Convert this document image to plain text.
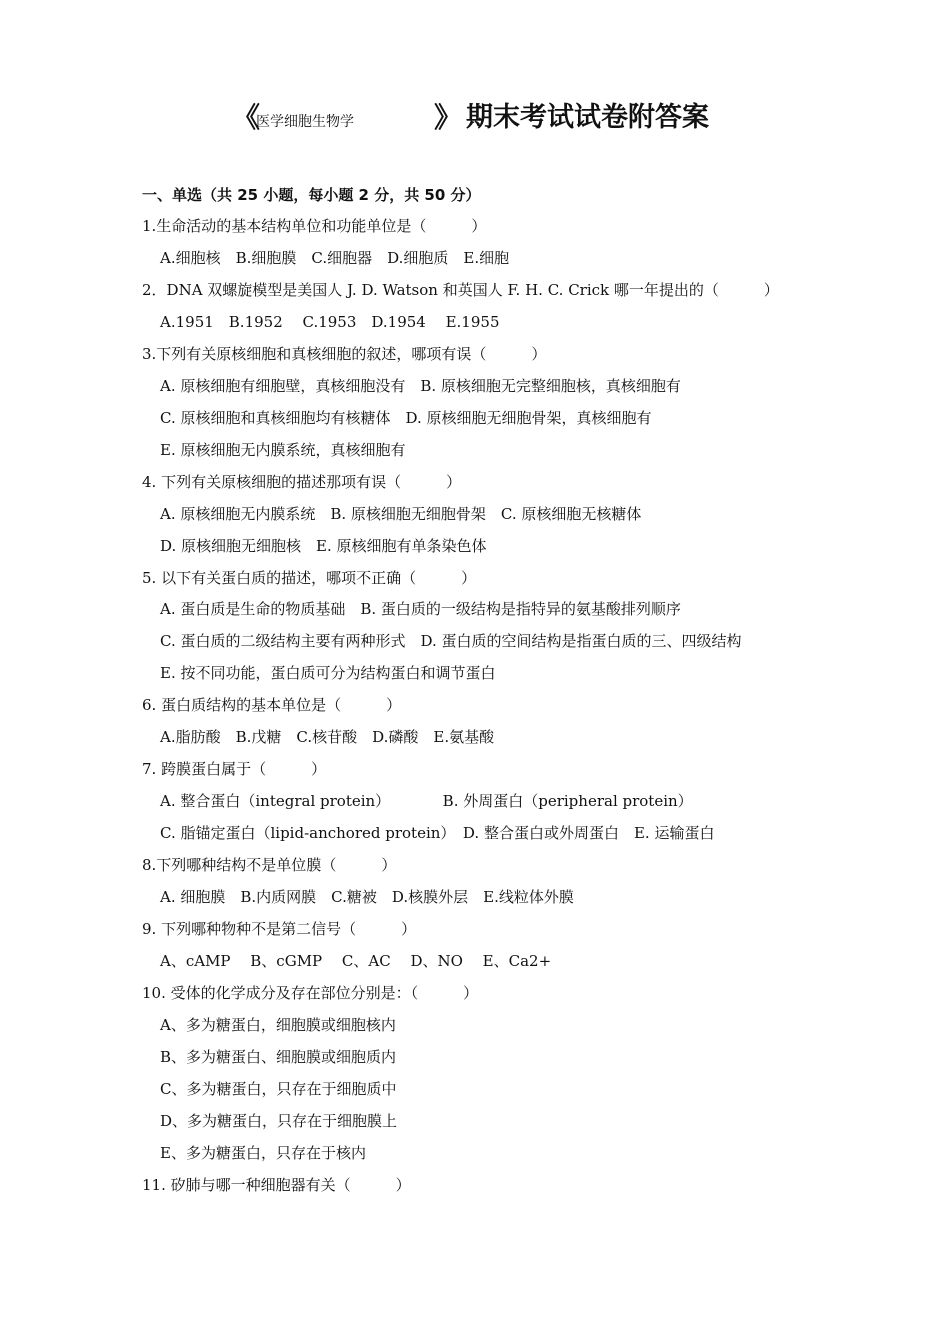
《
医学细胞生物学	》 期末考试试卷附答案
一、单选（共 25 小题，每小题 2 分，共 50 分）
1.生命活动的基本结构单位和功能单位是（　　　）
A.细胞核　B.细胞膜　C.细胞器　D.细胞质　E.细胞
2．DNA 双螺旋模型是美国人 J. D. Watson 和英国人 F. H. C. Crick 哪一年提出的（　　　）
A.1951　B.1952　 C.1953　D.1954　 E.1955
3.下列有关原核细胞和真核细胞的叙述，哪项有误（　　　）
A. 原核细胞有细胞壁，真核细胞没有　B. 原核细胞无完整细胞核，真核细胞有
C. 原核细胞和真核细胞均有核糖体　D. 原核细胞无细胞骨架，真核细胞有
E. 原核细胞无内膜系统，真核细胞有
4. 下列有关原核细胞的描述那项有误（　　　）
A. 原核细胞无内膜系统　B. 原核细胞无细胞骨架　C. 原核细胞无核糖体
D. 原核细胞无细胞核　E. 原核细胞有单条染色体
5. 以下有关蛋白质的描述，哪项不正确（　　　）
A. 蛋白质是生命的物质基础　B. 蛋白质的一级结构是指特异的氨基酸排列顺序
C. 蛋白质的二级结构主要有两种形式　D. 蛋白质的空间结构是指蛋白质的三、四级结构
E. 按不同功能，蛋白质可分为结构蛋白和调节蛋白
6. 蛋白质结构的基本单位是（　　　）
A.脂肪酸　B.戊糖　C.核苷酸　D.磷酸　E.氨基酸
7. 跨膜蛋白属于（　　　）
A. 整合蛋白（integral protein）　　　　B. 外周蛋白（peripheral protein）
C. 脂锚定蛋白（lipid-anchored protein）　D. 整合蛋白或外周蛋白　E. 运输蛋白
8.下列哪种结构不是单位膜（　　　）
A. 细胞膜　B.内质网膜　C.糖被　D.核膜外层　E.线粒体外膜
9. 下列哪种物种不是第二信号（　　　）
A、cAMP　 B、cGMP　 C、AC　 D、NO　 E、Ca2+
10. 受体的化学成分及存在部位分别是：（　　　）
A、多为糖蛋白，细胞膜或细胞核内
B、多为糖蛋白、细胞膜或细胞质内
C、多为糖蛋白，只存在于细胞质中
D、多为糖蛋白，只存在于细胞膜上
E、多为糖蛋白，只存在于核内
11. 矽肺与哪一种细胞器有关（　　　）
